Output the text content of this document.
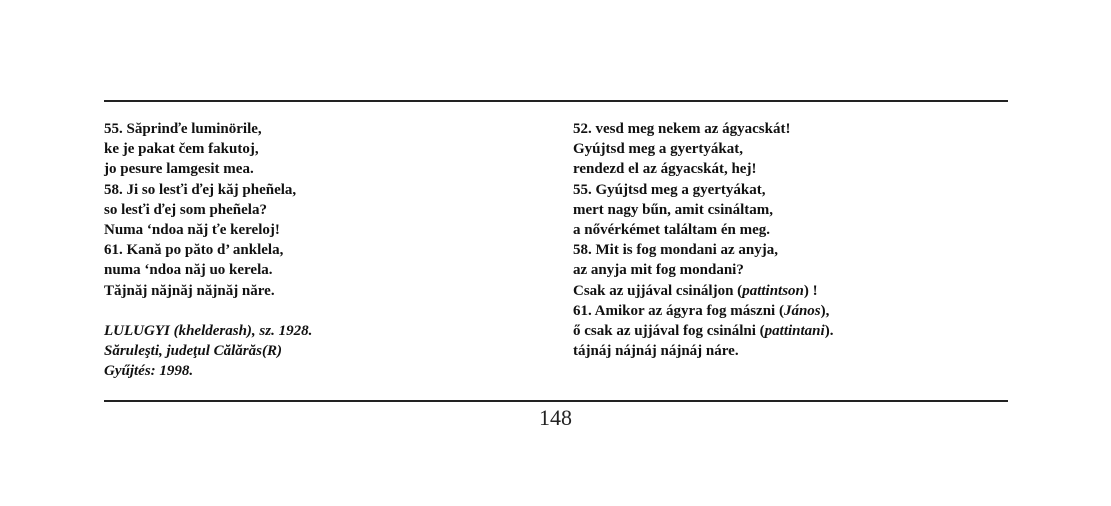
55. Săprinďe luminörile,
ke je pakat čem fakutoj,
jo pesure lamgesit mea.
58. Ji so lesťi ďej kăj pheñela,
so lesťi ďej som pheñela?
Numa ‘ndoa năj ťe kereloj!
61. Kană po păto d’ anklela,
numa ‘ndoa năj uo kerela.
Tăjnăj năjnăj năjnăj năre.
LULUGYI (khelderash), sz. 1928.
Săruleşti, judeţul Călărăs(R)
Gyűjtés: 1998.
52. vesd meg nekem az ágyacskát!
Gyújtsd meg a gyertyákat,
rendezd el az ágyacskát, hej!
55. Gyújtsd meg a gyertyákat,
mert nagy bűn, amit csináltam,
a nővérkémet találtam én meg.
58. Mit is fog mondani az anyja,
az anyja mit fog mondani?
Csak az ujjával csináljon (pattintson) !
61. Amikor az ágyra fog mászni (János),
ő csak az ujjával fog csinálni (pattintani).
tájnáj nájnáj nájnáj náre.
148
